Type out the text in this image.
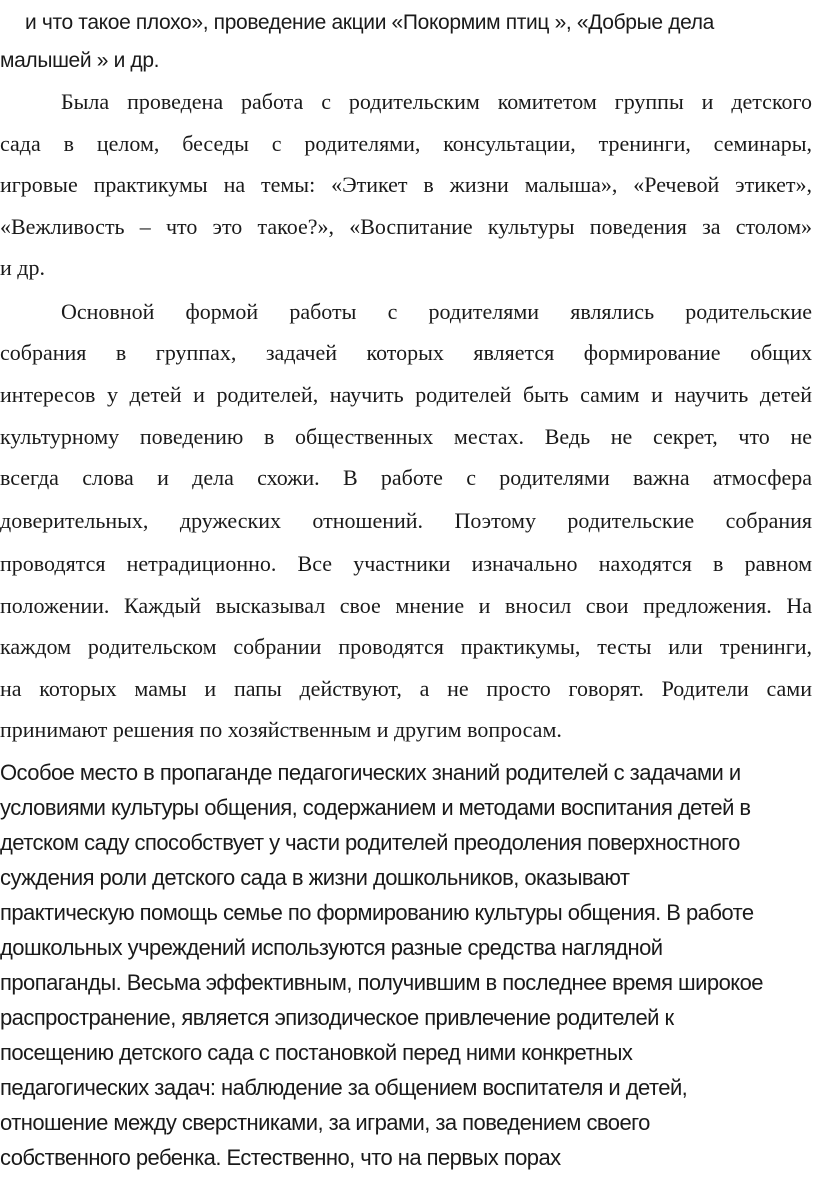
и что такое плохо», проведение акции «Покормим птиц », «Добрые дела
малышей » и др.
Была проведена работа с родительским комитетом группы и детского
сада в целом, беседы с родителями, консультации, тренинги, семинары,
игровые практикумы на темы: «Этикет в жизни малыша», «Речевой этикет»,
«Вежливость – что это такое?», «Воспитание культуры поведения за столом»
и др.
Основной формой работы с родителями являлись родительские
собрания в группах, задачей которых является формирование общих
интересов у детей и родителей, научить родителей быть самим и научить детей
культурному поведению в общественных местах. Ведь не секрет, что не
всегда слова и дела схожи. В работе с родителями важна атмосфера
доверительных, дружеских отношений. Поэтому родительские собрания
проводятся нетрадиционно. Все участники изначально находятся в равном
положении. Каждый высказывал свое мнение и вносил свои предложения. На
каждом родительском собрании проводятся практикумы, тесты или тренинги,
на которых мамы и папы действуют, а не просто говорят. Родители сами
принимают решения по хозяйственным и другим вопросам.
Особое место в пропаганде педагогических знаний родителей с задачами и
условиями культуры общения, содержанием и методами воспитания детей в
детском саду способствует у части родителей преодоления поверхностного
суждения роли детского сада в жизни дошкольников, оказывают
практическую помощь семье по формированию культуры общения. В работе
дошкольных учреждений используются разные средства наглядной
пропаганды. Весьма эффективным, получившим в последнее время широкое
распространение, является эпизодическое привлечение родителей к
посещению детского сада с постановкой перед ними конкретных
педагогических задач: наблюдение за общением воспитателя и детей,
отношение между сверстниками, за играми, за поведением своего
собственного ребенка. Естественно, что на первых порах
